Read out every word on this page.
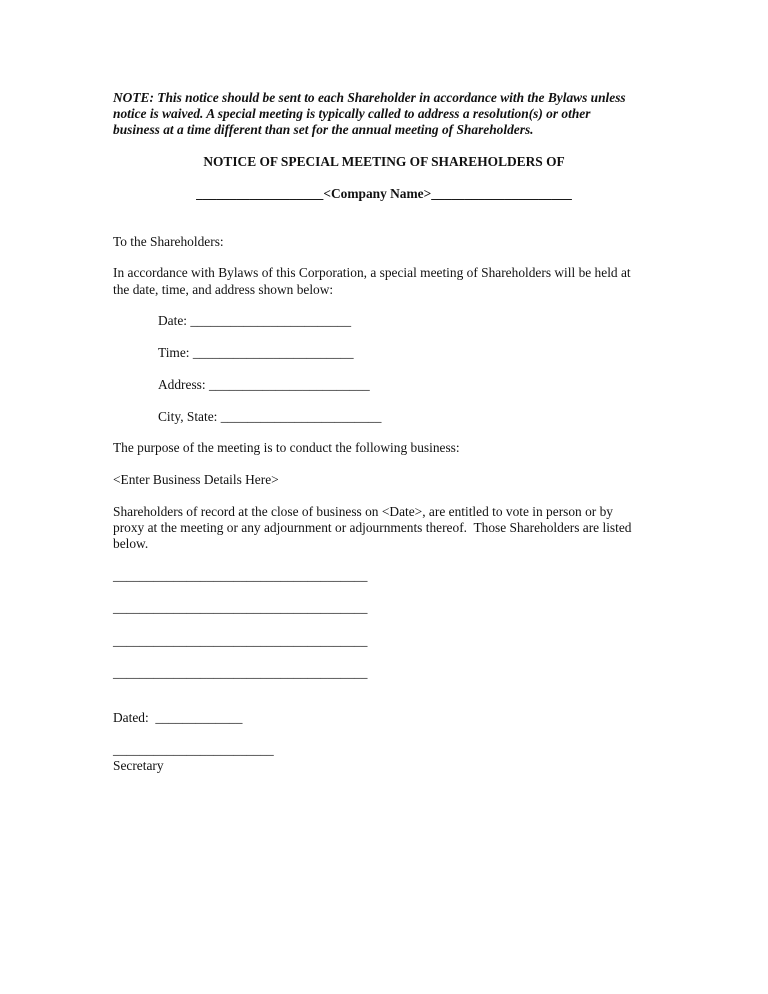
NOTE: This notice should be sent to each Shareholder in accordance with the Bylaws unless
notice is waived. A special meeting is typically called to address a resolution(s) or other
business at a time different than set for the annual meeting of Shareholders.
NOTICE OF SPECIAL MEETING OF SHAREHOLDERS OF
___________________<Company Name>_____________________
To the Shareholders:
In accordance with Bylaws of this Corporation, a special meeting of Shareholders will be held at
the date, time, and address shown below:
Date: ________________________
Time: ________________________
Address: ________________________
City, State: ________________________
The purpose of the meeting is to conduct the following business:
<Enter Business Details Here>
Shareholders of record at the close of business on <Date>, are entitled to vote in person or by
proxy at the meeting or any adjournment or adjournments thereof.  Those Shareholders are listed
below.
______________________________________
______________________________________
______________________________________
______________________________________
Dated:  _____________
________________________
Secretary
